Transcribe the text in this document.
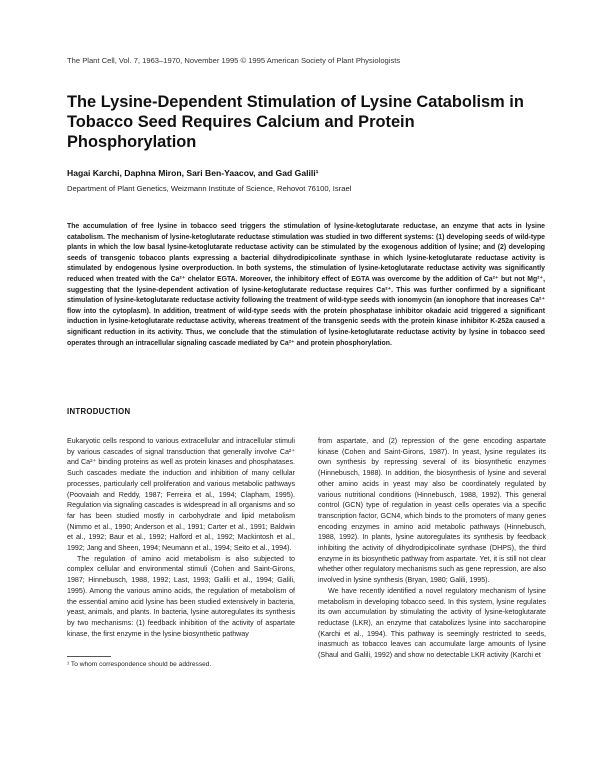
The Plant Cell, Vol. 7, 1963–1970, November 1995 © 1995 American Society of Plant Physiologists
The Lysine-Dependent Stimulation of Lysine Catabolism in Tobacco Seed Requires Calcium and Protein Phosphorylation
Hagai Karchi, Daphna Miron, Sari Ben-Yaacov, and Gad Galili¹
Department of Plant Genetics, Weizmann Institute of Science, Rehovot 76100, Israel

The accumulation of free lysine in tobacco seed triggers the stimulation of lysine-ketoglutarate reductase, an enzyme that acts in lysine catabolism. The mechanism of lysine-ketoglutarate reductase stimulation was studied in two different systems: (1) developing seeds of wild-type plants in which the low basal lysine-ketoglutarate reductase activity can be stimulated by the exogenous addition of lysine; and (2) developing seeds of transgenic tobacco plants expressing a bacterial dihydrodipicolinate synthase in which lysine-ketoglutarate reductase activity is stimulated by endogenous lysine overproduction. In both systems, the stimulation of lysine-ketoglutarate reductase activity was significantly reduced when treated with the Ca²⁺ chelator EGTA. Moreover, the inhibitory effect of EGTA was overcome by the addition of Ca²⁺ but not Mg²⁺, suggesting that the lysine-dependent activation of lysine-ketoglutarate reductase requires Ca²⁺. This was further confirmed by a significant stimulation of lysine-ketoglutarate reductase activity following the treatment of wild-type seeds with ionomycin (an ionophore that increases Ca²⁺ flow into the cytoplasm). In addition, treatment of wild-type seeds with the protein phosphatase inhibitor okadaic acid triggered a significant induction in lysine-ketoglutarate reductase activity, whereas treatment of the transgenic seeds with the protein kinase inhibitor K-252a caused a significant reduction in its activity. Thus, we conclude that the stimulation of lysine-ketoglutarate reductase activity by lysine in tobacco seed operates through an intracellular signaling cascade mediated by Ca²⁺ and protein phosphorylation.

INTRODUCTION

Eukaryotic cells respond to various extracellular and intracellular stimuli by various cascades of signal transduction that generally involve Ca²⁺ and Ca²⁺ binding proteins as well as protein kinases and phosphatases. Such cascades mediate the induction and inhibition of many cellular processes, particularly cell proliferation and various metabolic pathways (Poovaiah and Reddy, 1987; Ferreira et al., 1994; Clapham, 1995). Regulation via signaling cascades is widespread in all organisms and so far has been studied mostly in carbohydrate and lipid metabolism (Nimmo et al., 1990; Anderson et al., 1991; Carter et al., 1991; Baldwin et al., 1992; Baur et al., 1992; Halford et al., 1992; Mackintosh et al., 1992; Jang and Sheen, 1994; Neumann et al., 1994; Seito et al., 1994).

The regulation of amino acid metabolism is also subjected to complex cellular and environmental stimuli (Cohen and Saint-Girons, 1987; Hinnebusch, 1988, 1992; Last, 1993; Galili et al., 1994; Galili, 1995). Among the various amino acids, the regulation of metabolism of the essential amino acid lysine has been studied extensively in bacteria, yeast, animals, and plants. In bacteria, lysine autoregulates its synthesis by two mechanisms: (1) feedback inhibition of the activity of aspartate kinase, the first enzyme in the lysine biosynthetic pathway

from aspartate, and (2) repression of the gene encoding aspartate kinase (Cohen and Saint-Girons, 1987). In yeast, lysine regulates its own synthesis by repressing several of its biosynthetic enzymes (Hinnebusch, 1988). In addition, the biosynthesis of lysine and several other amino acids in yeast may also be coordinately regulated by various nutritional conditions (Hinnebusch, 1988, 1992). This general control (GCN) type of regulation in yeast cells operates via a specific transcription factor, GCN4, which binds to the promoters of many genes encoding enzymes in amino acid metabolic pathways (Hinnebusch, 1988, 1992). In plants, lysine autoregulates its synthesis by feedback inhibiting the activity of dihydrodipicolinate synthase (DHPS), the third enzyme in its biosynthetic pathway from aspartate. Yet, it is still not clear whether other regulatory mechanisms such as gene repression, are also involved in lysine synthesis (Bryan, 1980; Galili, 1995).

We have recently identified a novel regulatory mechanism of lysine metabolism in developing tobacco seed. In this system, lysine regulates its own accumulation by stimulating the activity of lysine-ketoglutarate reductase (LKR), an enzyme that catabolizes lysine into saccharopine (Karchi et al., 1994). This pathway is seemingly restricted to seeds, inasmuch as tobacco leaves can accumulate large amounts of lysine (Shaul and Galili, 1992) and show no detectable LKR activity (Karchi et

¹ To whom correspondence should be addressed.
